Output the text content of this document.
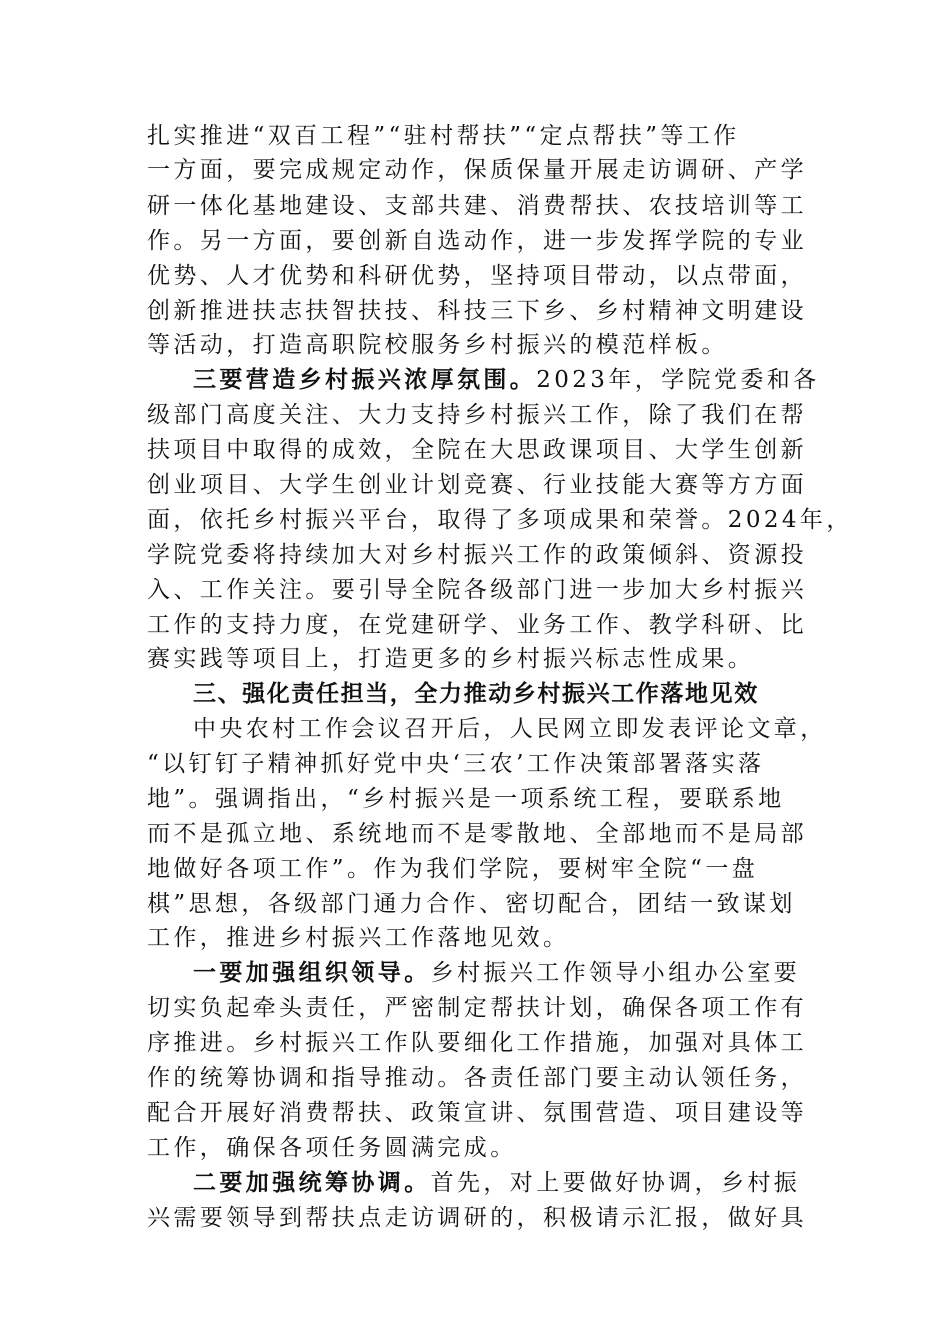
扎实推进“双百工程”“驻村帮扶”“定点帮扶”等工作
一方面，要完成规定动作，保质保量开展走访调研、产学
研一体化基地建设、支部共建、消费帮扶、农技培训等工
作。另一方面，要创新自选动作，进一步发挥学院的专业
优势、人才优势和科研优势，坚持项目带动，以点带面，
创新推进扶志扶智扶技、科技三下乡、乡村精神文明建设
等活动，打造高职院校服务乡村振兴的模范样板。
三要营造乡村振兴浓厚氛围。2023年，学院党委和各
级部门高度关注、大力支持乡村振兴工作，除了我们在帮
扶项目中取得的成效，全院在大思政课项目、大学生创新
创业项目、大学生创业计划竞赛、行业技能大赛等方方面
面，依托乡村振兴平台，取得了多项成果和荣誉。2024年，
学院党委将持续加大对乡村振兴工作的政策倾斜、资源投
入、工作关注。要引导全院各级部门进一步加大乡村振兴
工作的支持力度，在党建研学、业务工作、教学科研、比
赛实践等项目上，打造更多的乡村振兴标志性成果。
三、强化责任担当，全力推动乡村振兴工作落地见效
中央农村工作会议召开后，人民网立即发表评论文章，
“以钉钉子精神抓好党中央‘三农’工作决策部署落实落
地”。强调指出，“乡村振兴是一项系统工程，要联系地
而不是孤立地、系统地而不是零散地、全部地而不是局部
地做好各项工作”。作为我们学院，要树牢全院“一盘
棋”思想，各级部门通力合作、密切配合，团结一致谋划
工作，推进乡村振兴工作落地见效。
一要加强组织领导。乡村振兴工作领导小组办公室要
切实负起牵头责任，严密制定帮扶计划，确保各项工作有
序推进。乡村振兴工作队要细化工作措施，加强对具体工
作的统筹协调和指导推动。各责任部门要主动认领任务，
配合开展好消费帮扶、政策宣讲、氛围营造、项目建设等
工作，确保各项任务圆满完成。
二要加强统筹协调。首先，对上要做好协调，乡村振
兴需要领导到帮扶点走访调研的，积极请示汇报，做好具
